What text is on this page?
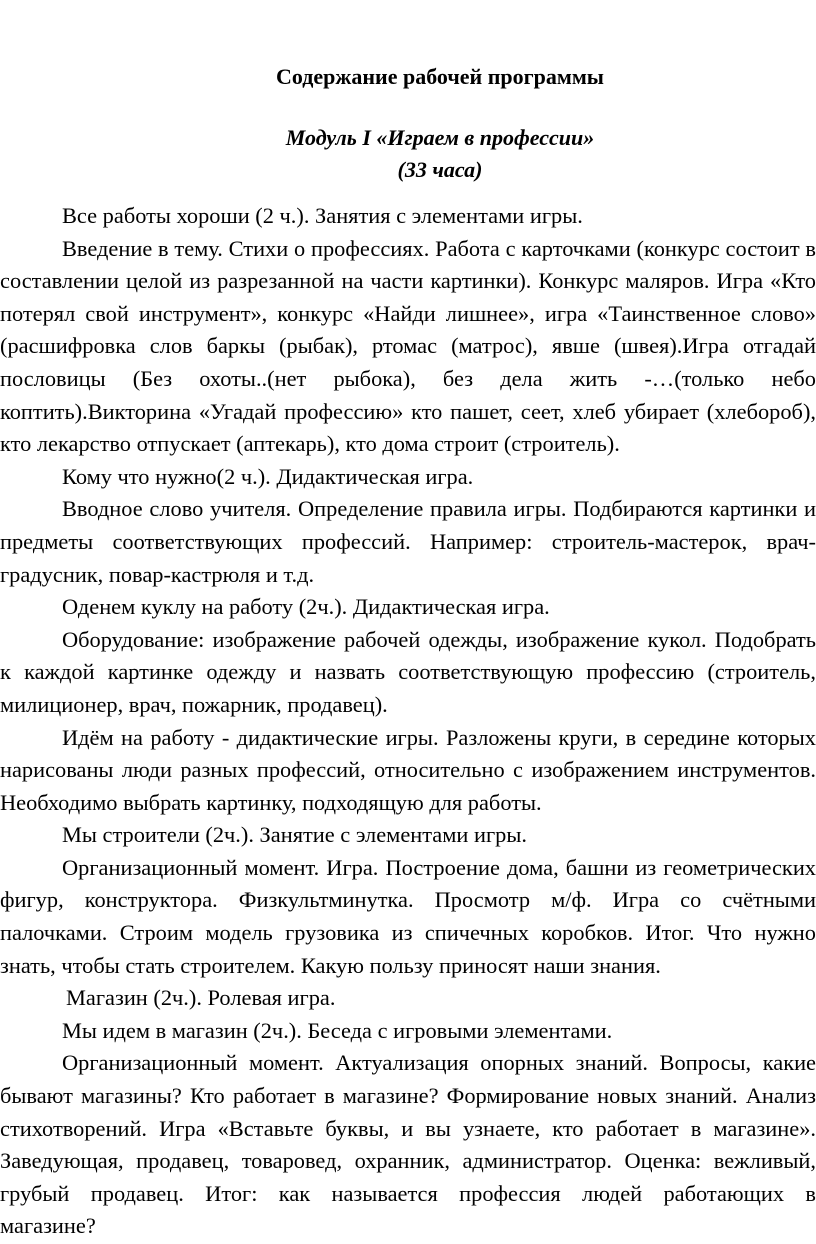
Содержание рабочей программы
Модуль I «Играем в профессии»
(33 часа)

Все работы хороши (2 ч.). Занятия с элементами игры.

Введение в тему. Стихи о профессиях. Работа с карточками (конкурс состоит в составлении целой из разрезанной на части картинки). Конкурс маляров. Игра «Кто потерял свой инструмент», конкурс «Найди лишнее», игра «Таинственное слово» (расшифровка слов баркы (рыбак), ртомас (матрос), явше (швея).Игра отгадай пословицы (Без охоты..(нет рыбока), без дела жить -…(только небо коптить).Викторина «Угадай профессию» кто пашет, сеет, хлеб убирает (хлебороб), кто лекарство отпускает (аптекарь), кто дома строит (строитель).

Кому что нужно(2 ч.). Дидактическая игра.

Вводное слово учителя. Определение правила игры. Подбираются картинки и предметы соответствующих профессий. Например: строитель-мастерок, врач-градусник, повар-кастрюля и т.д.

Оденем куклу на работу (2ч.). Дидактическая игра.

Оборудование: изображение рабочей одежды, изображение кукол. Подобрать к каждой картинке одежду и назвать соответствующую профессию (строитель, милиционер, врач, пожарник, продавец).

Идём на работу - дидактические игры. Разложены круги, в середине которых нарисованы люди разных профессий, относительно с изображением инструментов. Необходимо выбрать картинку, подходящую для работы.

Мы строители (2ч.). Занятие с элементами игры.

Организационный момент. Игра. Построение дома, башни из геометрических фигур, конструктора. Физкультминутка. Просмотр м/ф. Игра со счётными палочками. Строим модель грузовика из спичечных коробков. Итог. Что нужно знать, чтобы стать строителем. Какую пользу приносят наши знания.

Магазин (2ч.). Ролевая игра.

Мы идем в магазин (2ч.). Беседа с игровыми элементами.

Организационный момент. Актуализация опорных знаний. Вопросы, какие бывают магазины? Кто работает в магазине? Формирование новых знаний. Анализ стихотворений. Игра «Вставьте буквы, и вы узнаете, кто работает в магазине». Заведующая, продавец, товаровед, охранник, администратор. Оценка: вежливый, грубый продавец. Итог: как называется профессия людей работающих в

магазине?
